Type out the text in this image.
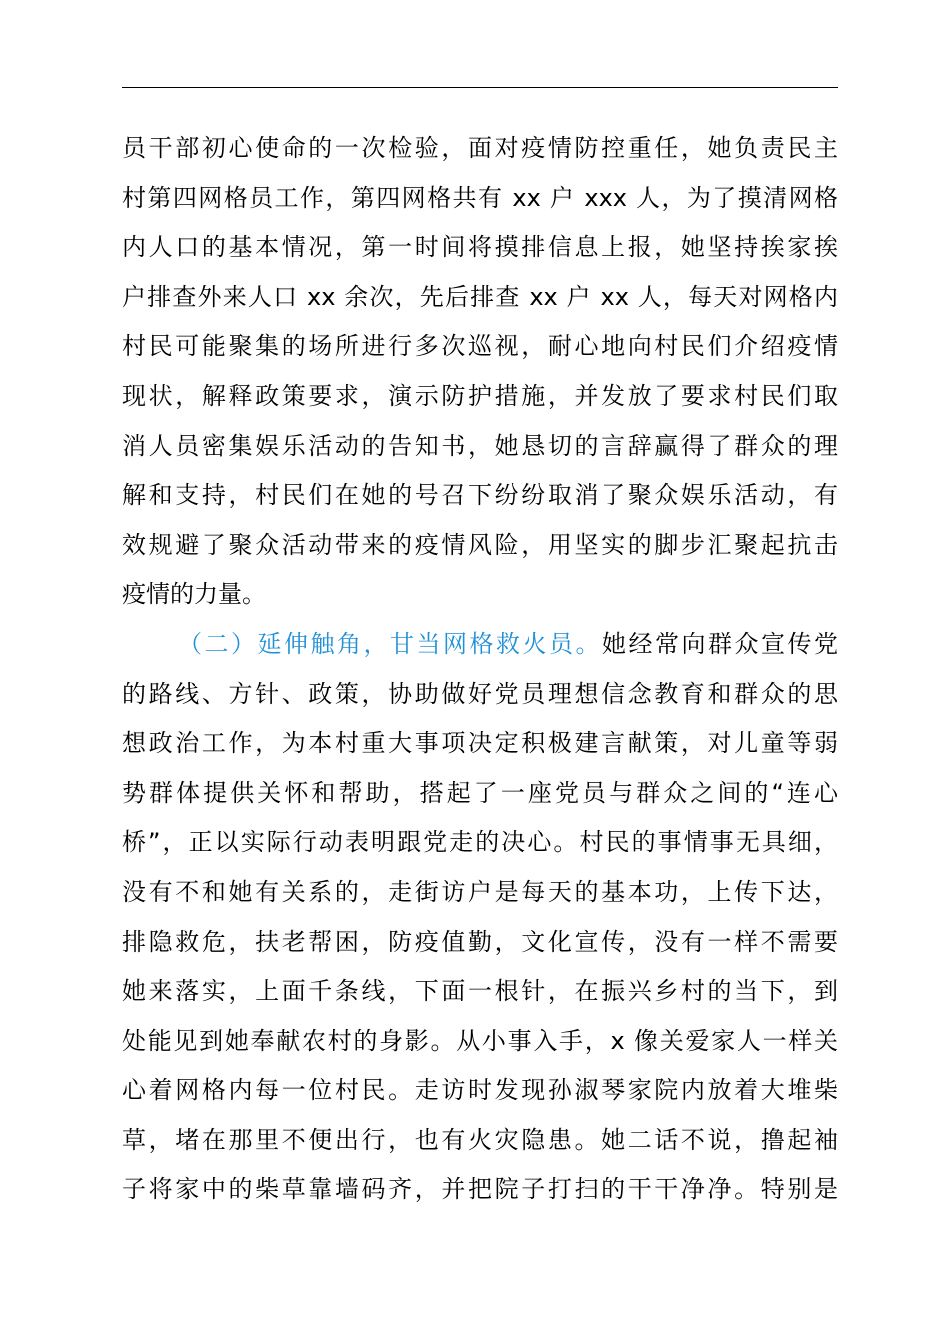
员干部初心使命的一次检验，面对疫情防控重任，她负责民主
村第四网格员工作，第四网格共有 xx 户 xxx 人，为了摸清网格
内人口的基本情况，第一时间将摸排信息上报，她坚持挨家挨
户排查外来人口 xx 余次，先后排查 xx 户 xx 人，每天对网格内
村民可能聚集的场所进行多次巡视，耐心地向村民们介绍疫情
现状，解释政策要求，演示防护措施，并发放了要求村民们取
消人员密集娱乐活动的告知书，她恳切的言辞赢得了群众的理
解和支持，村民们在她的号召下纷纷取消了聚众娱乐活动，有
效规避了聚众活动带来的疫情风险，用坚实的脚步汇聚起抗击
疫情的力量。
（二）延伸触角，甘当网格救火员。她经常向群众宣传党
的路线、方针、政策，协助做好党员理想信念教育和群众的思
想政治工作，为本村重大事项决定积极建言献策，对儿童等弱
势群体提供关怀和帮助，搭起了一座党员与群众之间的“连心
桥”，正以实际行动表明跟党走的决心。村民的事情事无具细，
没有不和她有关系的，走街访户是每天的基本功，上传下达，
排隐救危，扶老帮困，防疫值勤，文化宣传，没有一样不需要
她来落实，上面千条线，下面一根针，在振兴乡村的当下，到
处能见到她奉献农村的身影。从小事入手，x 像关爱家人一样关
心着网格内每一位村民。走访时发现孙淑琴家院内放着大堆柴
草，堵在那里不便出行，也有火灾隐患。她二话不说，撸起袖
子将家中的柴草靠墙码齐，并把院子打扫的干干净净。特别是
